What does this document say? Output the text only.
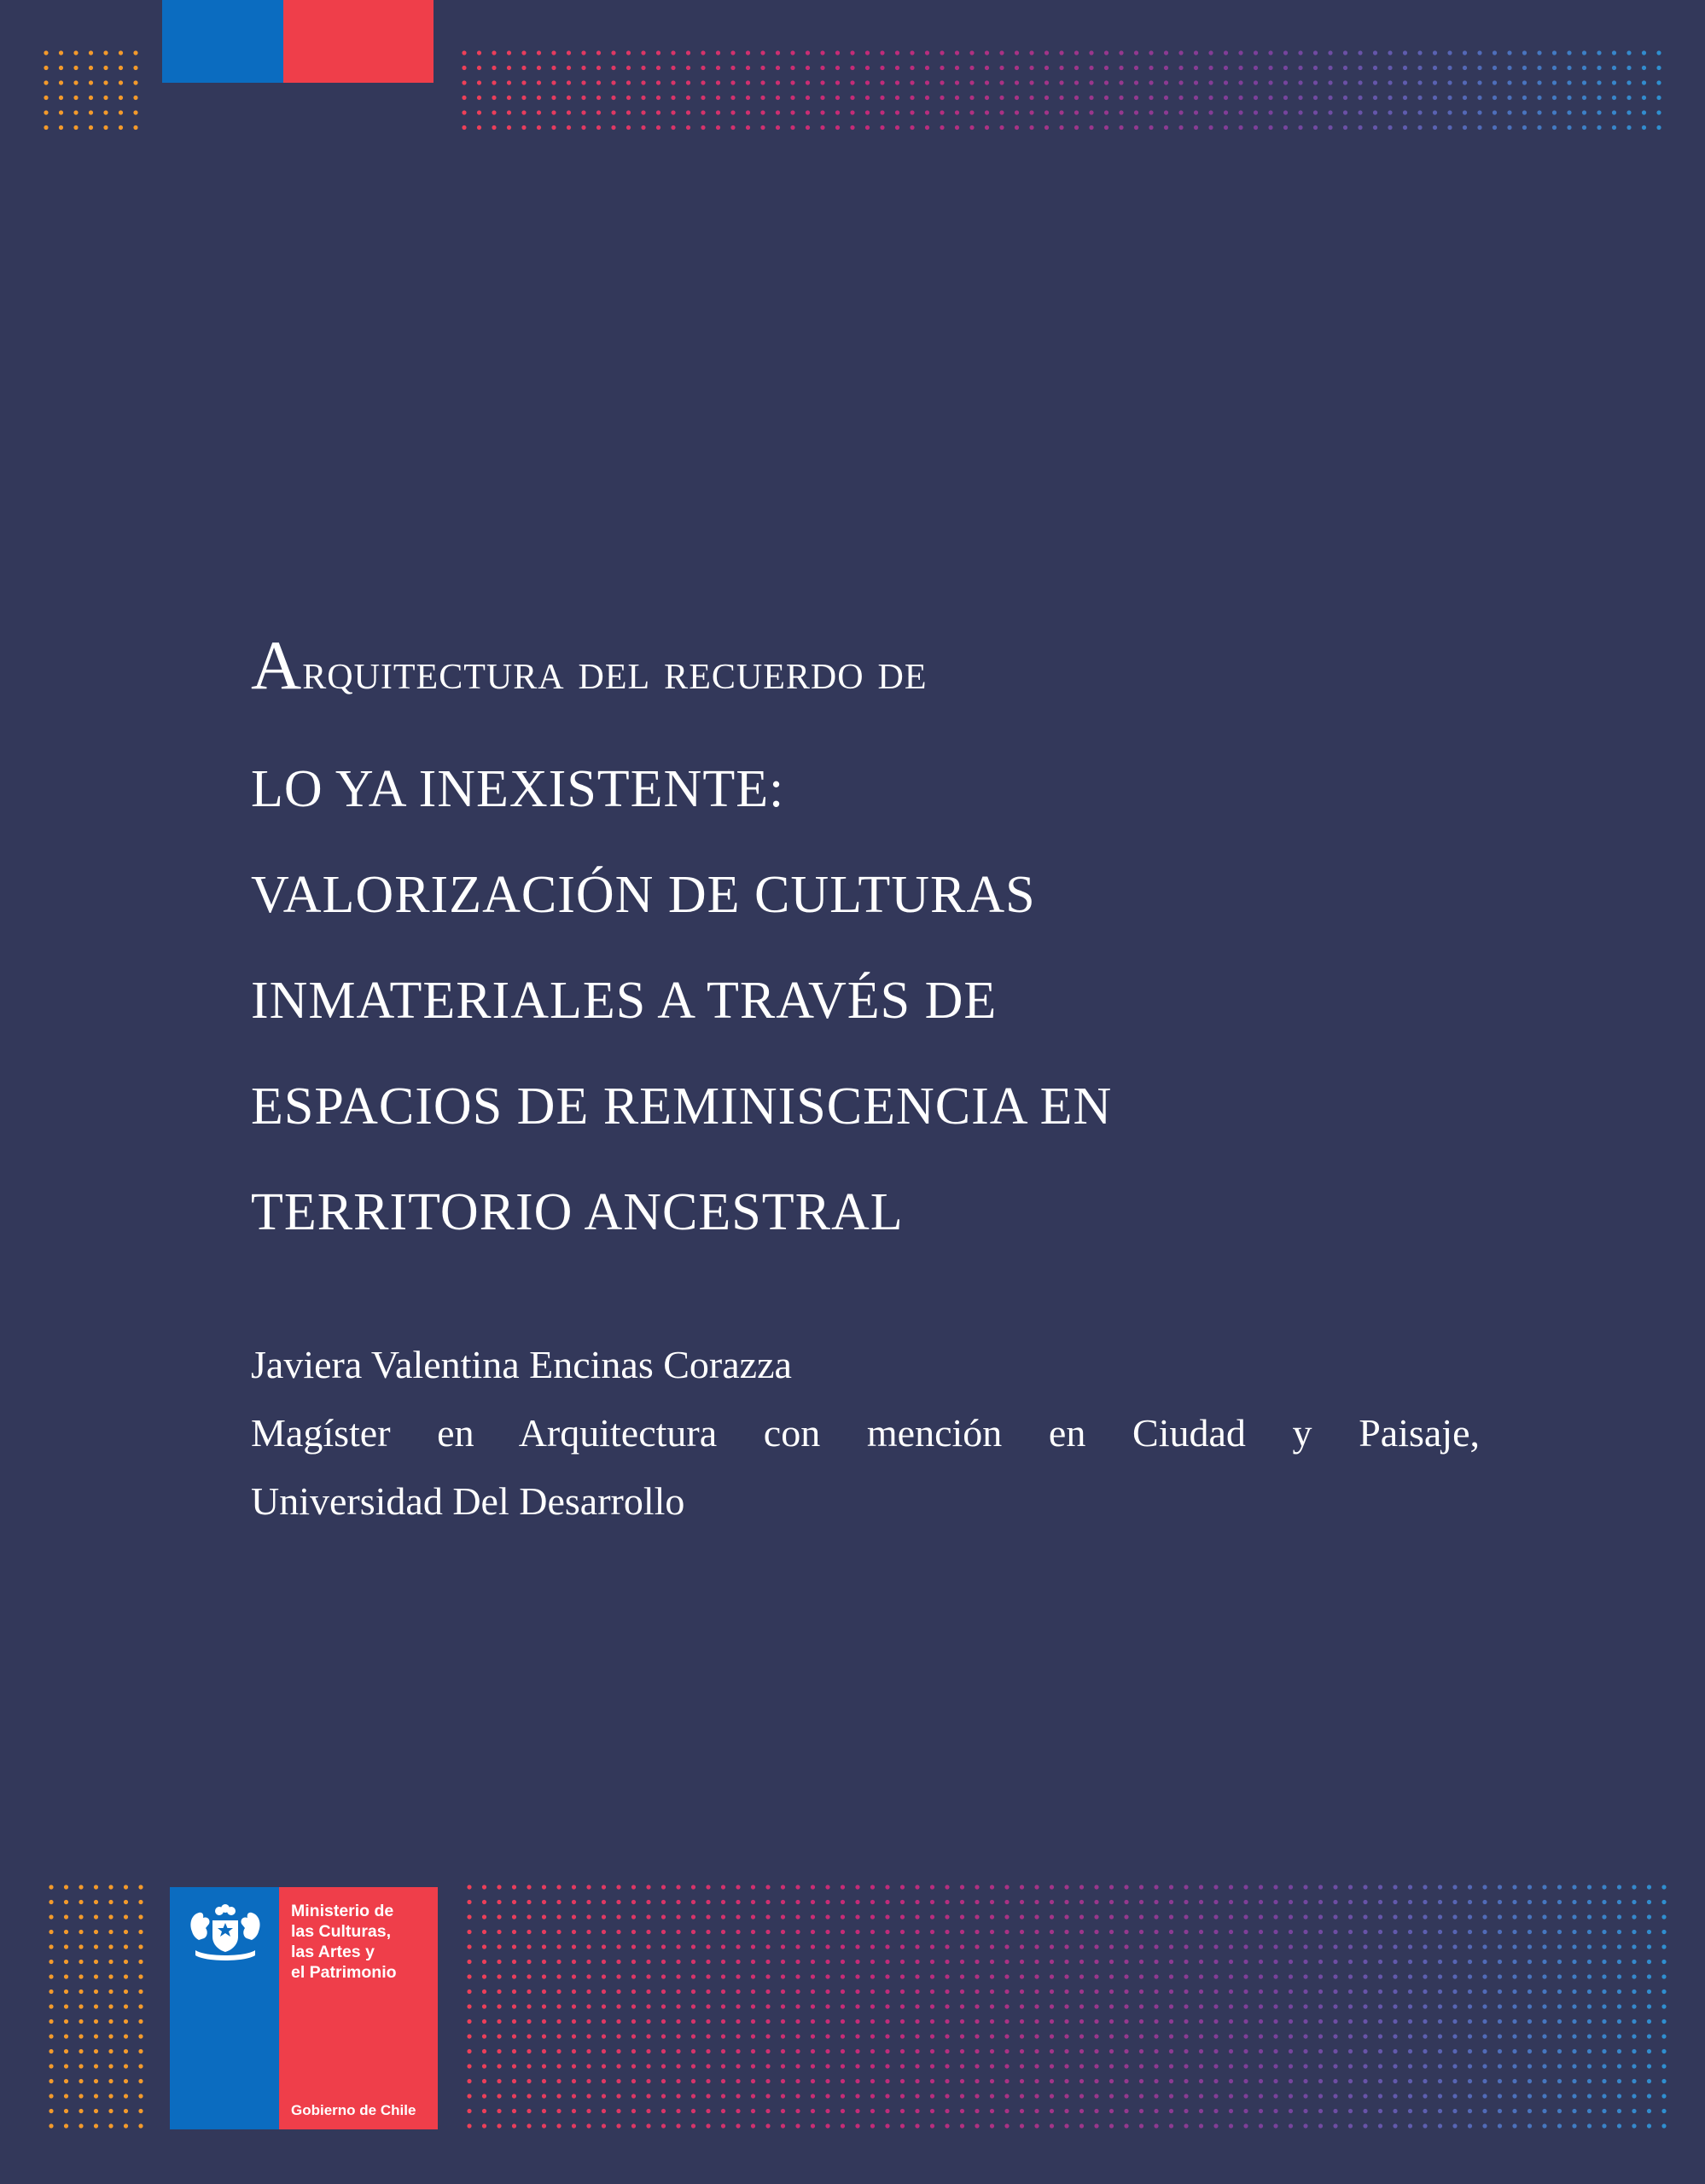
Arquitectura del recuerdo de
LO YA INEXISTENTE:
VALORIZACIÓN DE CULTURAS
INMATERIALES A TRAVÉS DE
ESPACIOS DE REMINISCENCIA EN
TERRITORIO ANCESTRAL
Javiera Valentina Encinas Corazza
Magíster en Arquitectura con mención en Ciudad y Paisaje,
Universidad Del Desarrollo
Ministerio de
las Culturas,
las Artes y
el Patrimonio
Gobierno de Chile
